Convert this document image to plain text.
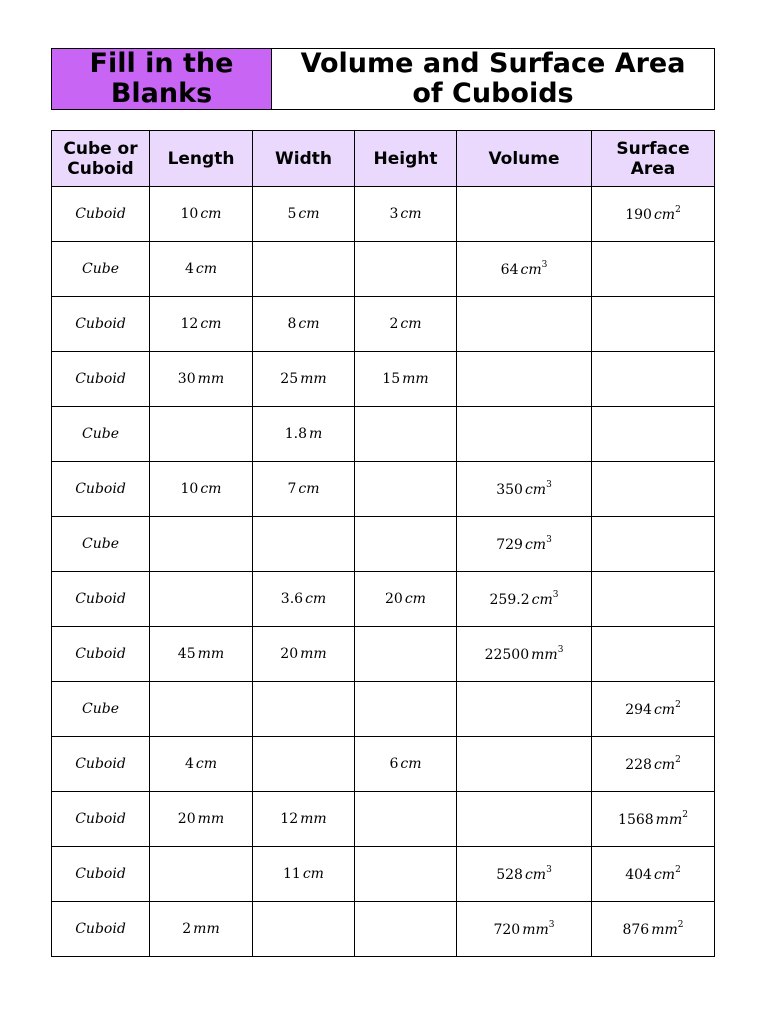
Fill in the
Blanks
Volume and Surface Area
of Cuboids
Cube or
Cuboid	Length	Width	Height	Volume	Surface
Area
Cuboid	10 cm	5 cm	3 cm		190 $cm^2$
Cube	4 cm			64 $cm^3$	
Cuboid	12 cm	8 cm	2 cm		
Cuboid	30 mm	25 mm	15 mm		
Cube		1.8 m			
Cuboid	10 cm	7 cm		350 $cm^3$	
Cube				729 $cm^3$	
Cuboid		3.6 cm	20 cm	259.2 $cm^3$	
Cuboid	45 mm	20 mm		22500 $mm^3$	
Cube					294 $cm^2$
Cuboid	4 cm		6 cm		228 $cm^2$
Cuboid	20 mm	12 mm			1568 $mm^2$
Cuboid		11 cm		528 $cm^3$	404 $cm^2$
Cuboid	2 mm			720 $mm^3$	876 $mm^2$
